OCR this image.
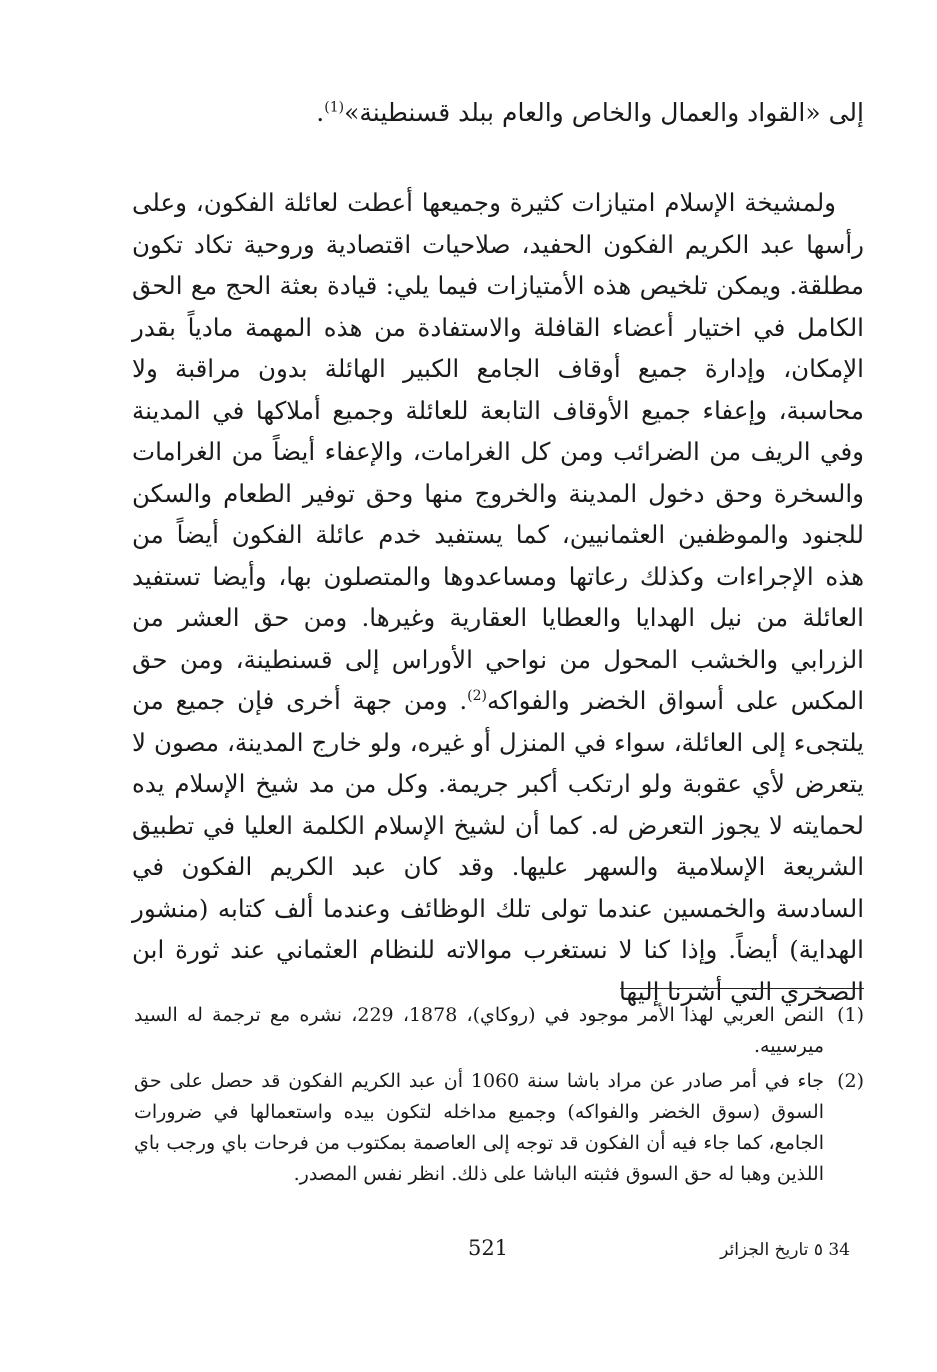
إلى «القواد والعمال والخاص والعام ببلد قسنطينة»$^{(1)}$.

ولمشيخة الإسلام امتيازات كثيرة وجميعها أعطت لعائلة الفكون، وعلى رأسها عبد الكريم الفكون الحفيد، صلاحيات اقتصادية وروحية تكاد تكون مطلقة. ويمكن تلخيص هذه الأمتيازات فيما يلي: قيادة بعثة الحج مع الحق الكامل في اختيار أعضاء القافلة والاستفادة من هذه المهمة مادياً بقدر الإمكان، وإدارة جميع أوقاف الجامع الكبير الهائلة بدون مراقبة ولا محاسبة، وإعفاء جميع الأوقاف التابعة للعائلة وجميع أملاكها في المدينة وفي الريف من الضرائب ومن كل الغرامات، والإعفاء أيضاً من الغرامات والسخرة وحق دخول المدينة والخروج منها وحق توفير الطعام والسكن للجنود والموظفين العثمانيين، كما يستفيد خدم عائلة الفكون أيضاً من هذه الإجراءات وكذلك رعاتها ومساعدوها والمتصلون بها، وأيضا تستفيد العائلة من نيل الهدايا والعطايا العقارية وغيرها. ومن حق العشر من الزرابي والخشب المحول من نواحي الأوراس إلى قسنطينة، ومن حق المكس على أسواق الخضر والفواكه$^{(2)}$. ومن جهة أخرى فإن جميع من يلتجىء إلى العائلة، سواء في المنزل أو غيره، ولو خارج المدينة، مصون لا يتعرض لأي عقوبة ولو ارتكب أكبر جريمة. وكل من مد شيخ الإسلام يده لحمايته لا يجوز التعرض له. كما أن لشيخ الإسلام الكلمة العليا في تطبيق الشريعة الإسلامية والسهر عليها. وقد كان عبد الكريم الفكون في السادسة والخمسين عندما تولى تلك الوظائف وعندما ألف كتابه (منشور الهداية) أيضاً. وإذا كنا لا نستغرب موالاته للنظام العثماني عند ثورة ابن الصخري التي أشرنا إليها

(1)
النص العربي لهذا الأمر موجود في (روكاي)، 1878، 229، نشره مع ترجمة له السيد ميرسييه.
(2)
جاء في أمر صادر عن مراد باشا سنة 1060 أن عبد الكريم الفكون قد حصل على حق السوق (سوق الخضر والفواكه) وجميع مداخله لتكون بيده واستعمالها في ضرورات الجامع، كما جاء فيه أن الفكون قد توجه إلى العاصمة بمكتوب من فرحات باي ورجب باي اللذين وهبا له حق السوق فثبته الباشا على ذلك. انظر نفس المصدر.
521	34 ٥ تاريخ الجزائر
